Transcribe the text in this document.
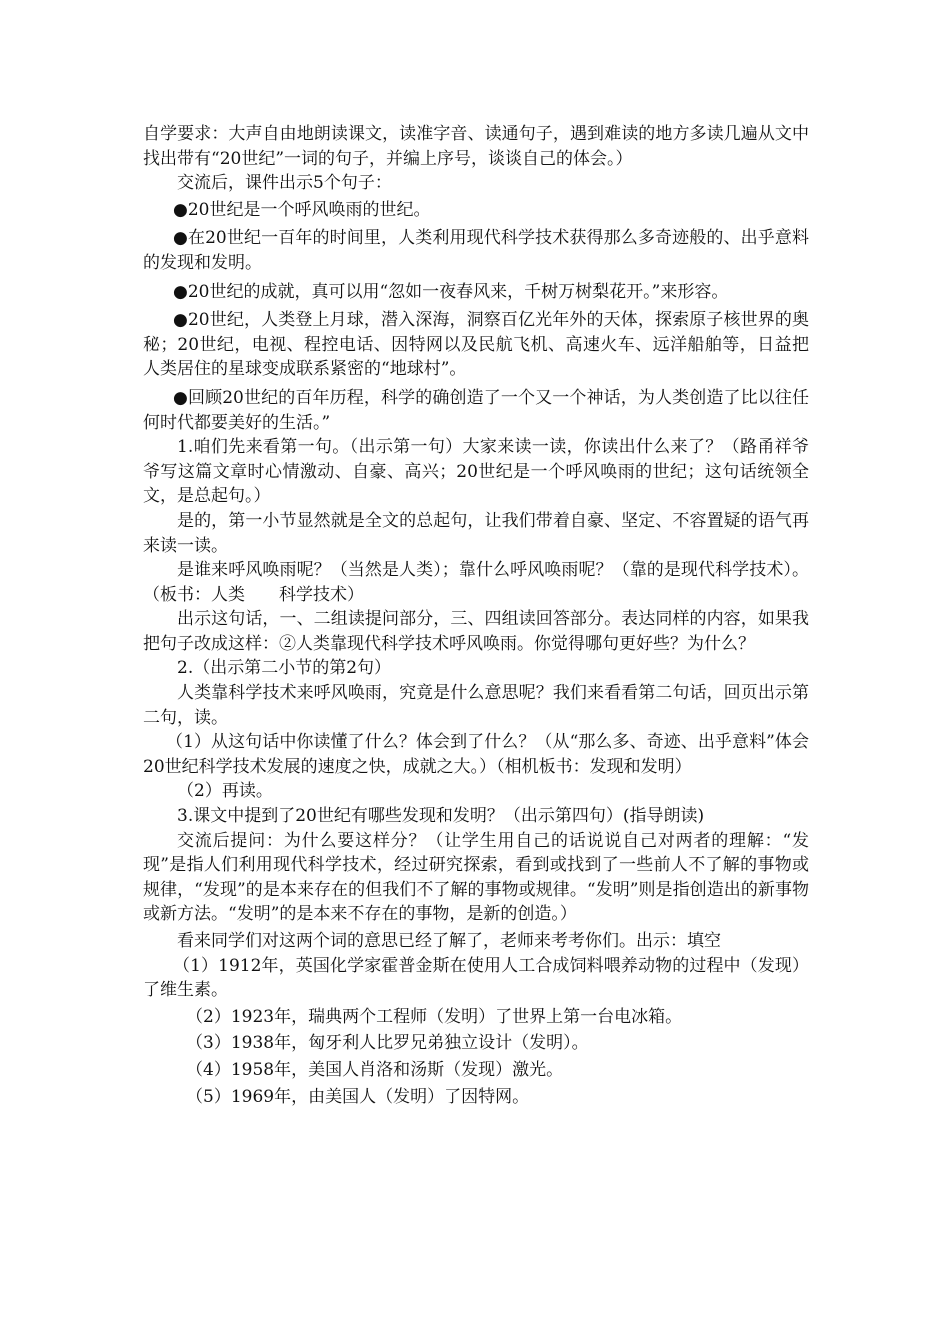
自学要求：大声自由地朗读课文，读准字音、读通句子，遇到难读的地方多读几遍从文中找出带有“20世纪”一词的句子，并编上序号，谈谈自己的体会。）

交流后，课件出示5个句子：

●20世纪是一个呼风唤雨的世纪。

●在20世纪一百年的时间里，人类利用现代科学技术获得那么多奇迹般的、出乎意料的发现和发明。

●20世纪的成就，真可以用“忽如一夜春风来，千树万树梨花开。”来形容。

●20世纪，人类登上月球，潜入深海，洞察百亿光年外的天体，探索原子核世界的奥秘；20世纪，电视、程控电话、因特网以及民航飞机、高速火车、远洋船舶等，日益把人类居住的星球变成联系紧密的“地球村”。

●回顾20世纪的百年历程，科学的确创造了一个又一个神话，为人类创造了比以往任何时代都要美好的生活。”

1.咱们先来看第一句。（出示第一句）大家来读一读，你读出什么来了？（路甬祥爷爷写这篇文章时心情激动、自豪、高兴；20世纪是一个呼风唤雨的世纪；这句话统领全文，是总起句。）

是的，第一小节显然就是全文的总起句，让我们带着自豪、坚定、不容置疑的语气再来读一读。

是谁来呼风唤雨呢？（当然是人类）；靠什么呼风唤雨呢？（靠的是现代科学技术）。（板书：人类　　科学技术）

出示这句话，一、二组读提问部分，三、四组读回答部分。表达同样的内容，如果我把句子改成这样：②人类靠现代科学技术呼风唤雨。你觉得哪句更好些？为什么？

2.（出示第二小节的第2句）

人类靠科学技术来呼风唤雨，究竟是什么意思呢？我们来看看第二句话，回页出示第二句，读。

（1）从这句话中你读懂了什么？体会到了什么？（从“那么多、奇迹、出乎意料”体会20世纪科学技术发展的速度之快，成就之大。）（相机板书：发现和发明）

（2）再读。

3.课文中提到了20世纪有哪些发现和发明？（出示第四句）(指导朗读)

交流后提问：为什么要这样分？（让学生用自己的话说说自己对两者的理解：“发现”是指人们利用现代科学技术，经过研究探索，看到或找到了一些前人不了解的事物或规律，“发现”的是本来存在的但我们不了解的事物或规律。“发明”则是指创造出的新事物或新方法。“发明”的是本来不存在的事物，是新的创造。）

看来同学们对这两个词的意思已经了解了，老师来考考你们。出示：填空

（1）1912年，英国化学家霍普金斯在使用人工合成饲料喂养动物的过程中（发现）了维生素。

（2）1923年，瑞典两个工程师（发明）了世界上第一台电冰箱。

（3）1938年，匈牙利人比罗兄弟独立设计（发明）。

（4）1958年，美国人肖洛和汤斯（发现）激光。

（5）1969年，由美国人（发明）了因特网。
